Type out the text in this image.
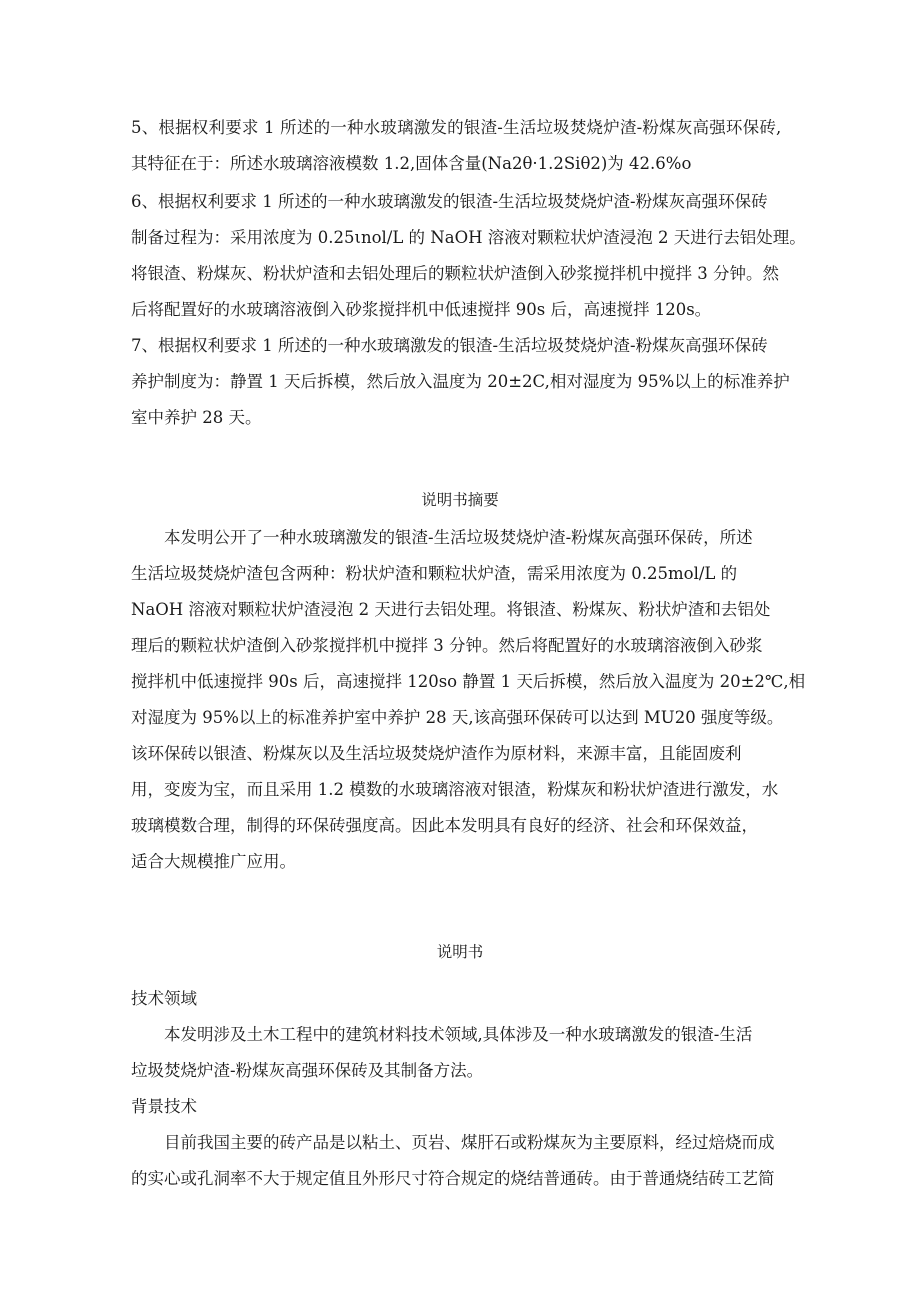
5、根据权利要求 1 所述的一种水玻璃激发的银渣-生活垃圾焚烧炉渣-粉煤灰高强环保砖,
其特征在于：所述水玻璃溶液模数 1.2,固体含量(Na2θ·1.2Siθ2)为 42.6%o
6、根据权利要求 1 所述的一种水玻璃激发的银渣-生活垃圾焚烧炉渣-粉煤灰高强环保砖
制备过程为：采用浓度为 0.25ιnol/L 的 NaOH 溶液对颗粒状炉渣浸泡 2 天进行去铝处理。
将银渣、粉煤灰、粉状炉渣和去铝处理后的颗粒状炉渣倒入砂浆搅拌机中搅拌 3 分钟。然
后将配置好的水玻璃溶液倒入砂浆搅拌机中低速搅拌 90s 后，高速搅拌 120s。
7、根据权利要求 1 所述的一种水玻璃激发的银渣-生活垃圾焚烧炉渣-粉煤灰高强环保砖
养护制度为：静置 1 天后拆模，然后放入温度为 20±2C,相对湿度为 95%以上的标准养护
室中养护 28 天。
说明书摘要
本发明公开了一种水玻璃激发的银渣-生活垃圾焚烧炉渣-粉煤灰高强环保砖，所述
生活垃圾焚烧炉渣包含两种：粉状炉渣和颗粒状炉渣，需采用浓度为 0.25mol/L 的
NaOH 溶液对颗粒状炉渣浸泡 2 天进行去铝处理。将银渣、粉煤灰、粉状炉渣和去铝处
理后的颗粒状炉渣倒入砂浆搅拌机中搅拌 3 分钟。然后将配置好的水玻璃溶液倒入砂浆
搅拌机中低速搅拌 90s 后，高速搅拌 120so 静置 1 天后拆模，然后放入温度为 20±2℃,相
对湿度为 95%以上的标准养护室中养护 28 天,该高强环保砖可以达到 MU20 强度等级。
该环保砖以银渣、粉煤灰以及生活垃圾焚烧炉渣作为原材料，来源丰富，且能固废利
用，变废为宝，而且采用 1.2 模数的水玻璃溶液对银渣，粉煤灰和粉状炉渣进行激发，水
玻璃模数合理，制得的环保砖强度高。因此本发明具有良好的经济、社会和环保效益，
适合大规模推广应用。
说明书
技术领域
本发明涉及土木工程中的建筑材料技术领域,具体涉及一种水玻璃激发的银渣-生活
垃圾焚烧炉渣-粉煤灰高强环保砖及其制备方法。
背景技术
目前我国主要的砖产品是以粘土、页岩、煤肝石或粉煤灰为主要原料，经过焙烧而成
的实心或孔洞率不大于规定值且外形尺寸符合规定的烧结普通砖。由于普通烧结砖工艺简
